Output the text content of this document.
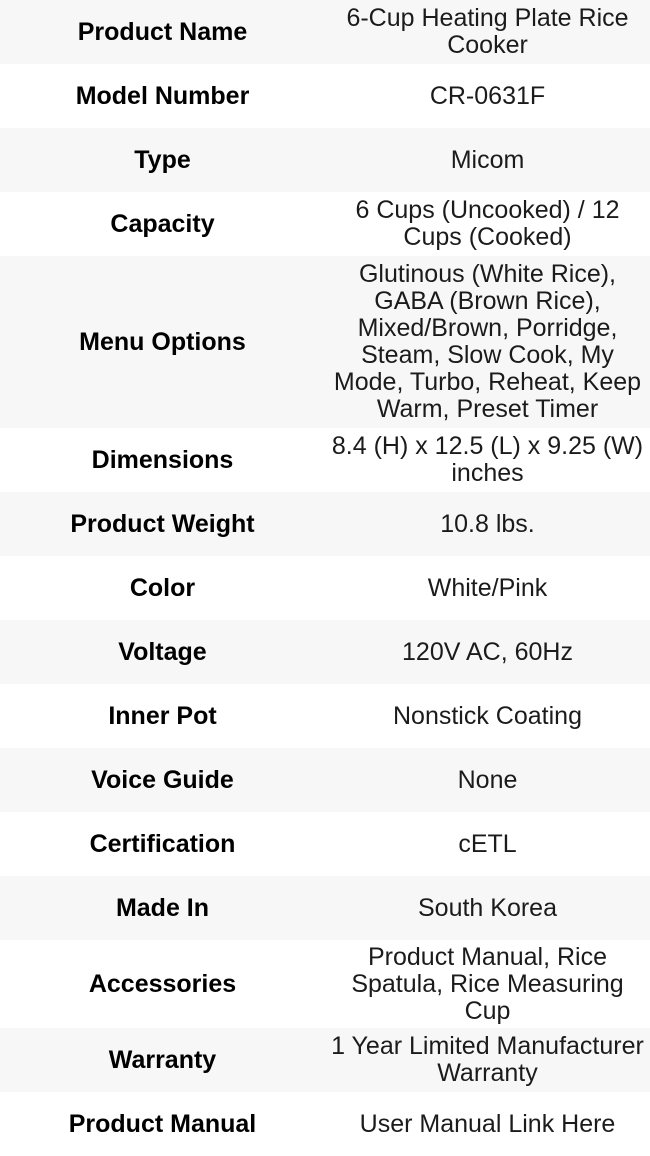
Product Name	6-Cup Heating Plate Rice Cooker
Model Number	CR-0631F
Type	Micom
Capacity	6 Cups (Uncooked) / 12 Cups (Cooked)
Menu Options	Glutinous (White Rice), GABA (Brown Rice), Mixed/Brown, Porridge, Steam, Slow Cook, My Mode, Turbo, Reheat, Keep Warm, Preset Timer
Dimensions	8.4 (H) x 12.5 (L) x 9.25 (W) inches
Product Weight	10.8 lbs.
Color	White/Pink
Voltage	120V AC, 60Hz
Inner Pot	Nonstick Coating
Voice Guide	None
Certification	cETL
Made In	South Korea
Accessories	Product Manual, Rice Spatula, Rice Measuring Cup
Warranty	1 Year Limited Manufacturer Warranty
Product Manual	User Manual Link Here
